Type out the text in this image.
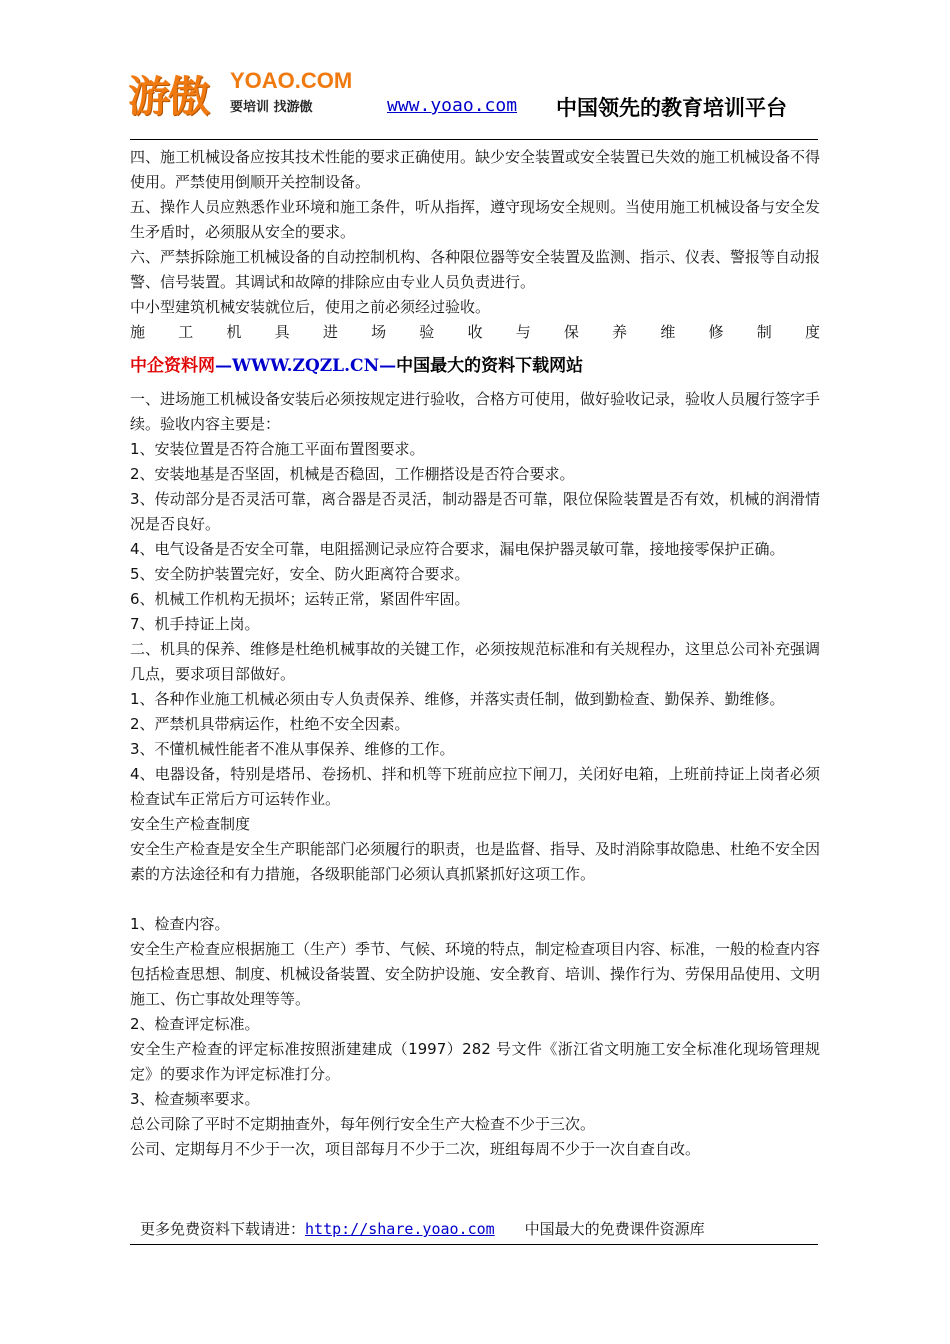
游傲 YOAO.COM
要培训 找游傲	www.yoao.com 中国领先的教育培训平台

四、施工机械设备应按其技术性能的要求正确使用。缺少安全装置或安全装置已失效的施工机械设备不得使用。严禁使用倒顺开关控制设备。

五、操作人员应熟悉作业环境和施工条件，听从指挥，遵守现场安全规则。当使用施工机械设备与安全发生矛盾时，必须服从安全的要求。

六、严禁拆除施工机械设备的自动控制机构、各种限位器等安全装置及监测、指示、仪表、警报等自动报警、信号装置。其调试和故障的排除应由专业人员负责进行。

中小型建筑机械安装就位后，使用之前必须经过验收。

施　工　机　具　进　场　验　收　与　保　养　维　修　制　度

中企资料网—WWW.ZQZL.CN—中国最大的资料下载网站

一、进场施工机械设备安装后必须按规定进行验收，合格方可使用，做好验收记录，验收人员履行签字手续。验收内容主要是：

1、安装位置是否符合施工平面布置图要求。

2、安装地基是否坚固，机械是否稳固，工作棚搭设是否符合要求。

3、传动部分是否灵活可靠，离合器是否灵活，制动器是否可靠，限位保险装置是否有效，机械的润滑情况是否良好。

4、电气设备是否安全可靠，电阻摇测记录应符合要求，漏电保护器灵敏可靠，接地接零保护正确。

5、安全防护装置完好，安全、防火距离符合要求。

6、机械工作机构无损坏；运转正常，紧固件牢固。

7、机手持证上岗。

二、机具的保养、维修是杜绝机械事故的关键工作，必须按规范标准和有关规程办，这里总公司补充强调几点，要求项目部做好。

1、各种作业施工机械必须由专人负责保养、维修，并落实责任制，做到勤检查、勤保养、勤维修。

2、严禁机具带病运作，杜绝不安全因素。

3、不懂机械性能者不准从事保养、维修的工作。

4、电器设备，特别是塔吊、卷扬机、拌和机等下班前应拉下闸刀，关闭好电箱，上班前持证上岗者必须检查试车正常后方可运转作业。

安全生产检查制度

安全生产检查是安全生产职能部门必须履行的职责，也是监督、指导、及时消除事故隐患、杜绝不安全因素的方法途径和有力措施，各级职能部门必须认真抓紧抓好这项工作。

1、检查内容。

安全生产检查应根据施工（生产）季节、气候、环境的特点，制定检查项目内容、标准，一般的检查内容包括检查思想、制度、机械设备装置、安全防护设施、安全教育、培训、操作行为、劳保用品使用、文明施工、伤亡事故处理等等。

2、检查评定标准。

安全生产检查的评定标准按照浙建建成（1997）282 号文件《浙江省文明施工安全标准化现场管理规定》的要求作为评定标准打分。

3、检查频率要求。

总公司除了平时不定期抽查外，每年例行安全生产大检查不少于三次。

公司、定期每月不少于一次，项目部每月不少于二次，班组每周不少于一次自查自改。

更多免费资料下载请进：http://share.yoao.com 中国最大的免费课件资源库
